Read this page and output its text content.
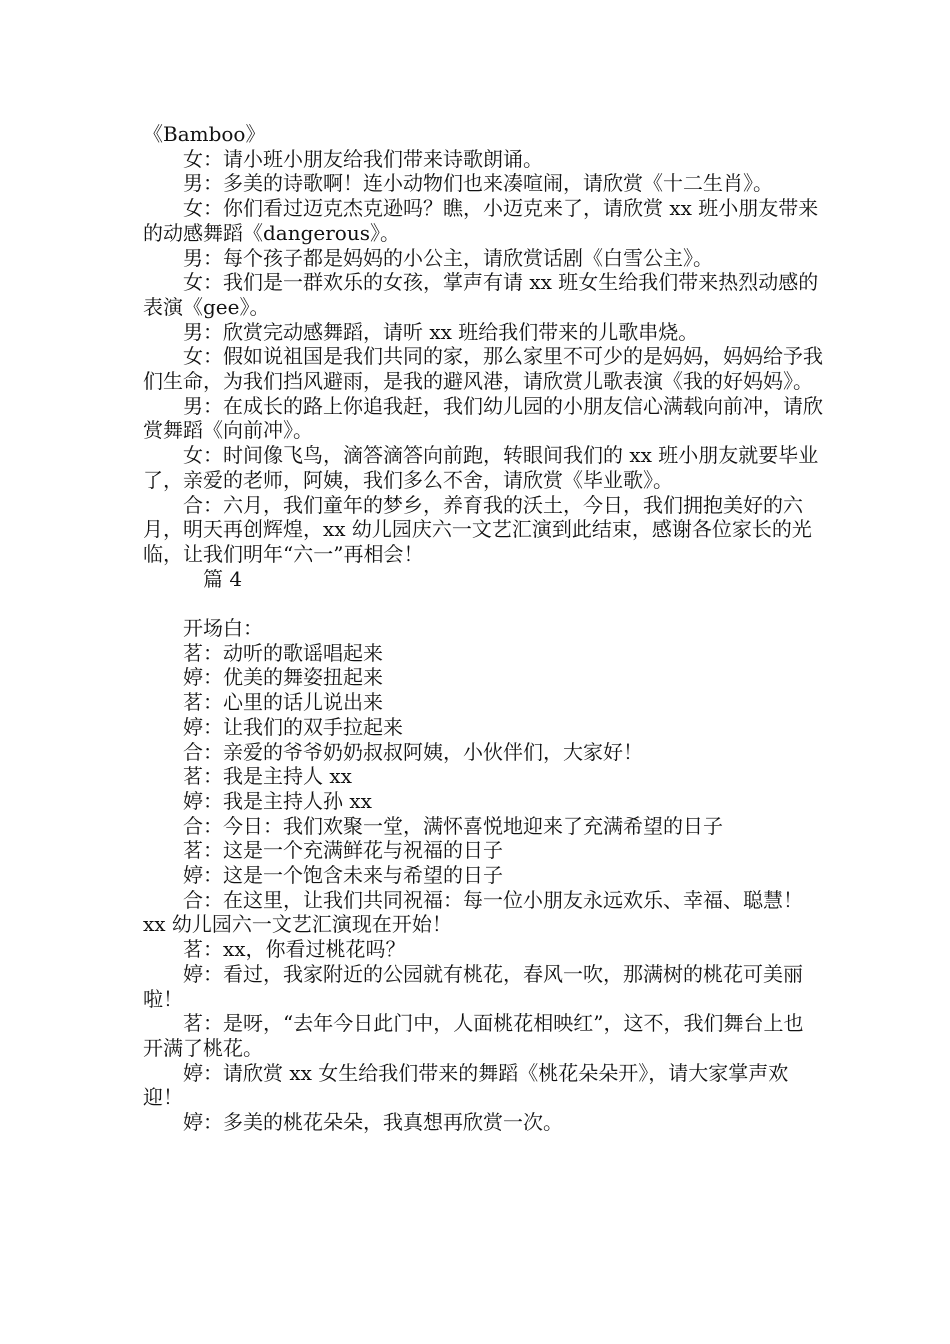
《Bamboo》

女：请小班小朋友给我们带来诗歌朗诵。

男：多美的诗歌啊！连小动物们也来凑喧闹，请欣赏《十二生肖》。

女：你们看过迈克杰克逊吗？瞧，小迈克来了，请欣赏 xx 班小朋友带来的动感舞蹈《dangerous》。

男：每个孩子都是妈妈的小公主，请欣赏话剧《白雪公主》。

女：我们是一群欢乐的女孩，掌声有请 xx 班女生给我们带来热烈动感的表演《gee》。

男：欣赏完动感舞蹈，请听 xx 班给我们带来的儿歌串烧。

女：假如说祖国是我们共同的家，那么家里不可少的是妈妈，妈妈给予我们生命，为我们挡风避雨，是我的避风港，请欣赏儿歌表演《我的好妈妈》。

男：在成长的路上你追我赶，我们幼儿园的小朋友信心满载向前冲，请欣赏舞蹈《向前冲》。

女：时间像飞鸟，滴答滴答向前跑，转眼间我们的 xx 班小朋友就要毕业了，亲爱的老师，阿姨，我们多么不舍，请欣赏《毕业歌》。

合：六月，我们童年的梦乡，养育我的沃土，今日，我们拥抱美好的六月，明天再创辉煌，xx 幼儿园庆六一文艺汇演到此结束，感谢各位家长的光临，让我们明年“六一”再相会！

篇 4

开场白：

茗：动听的歌谣唱起来

婷：优美的舞姿扭起来

茗：心里的话儿说出来

婷：让我们的双手拉起来

合：亲爱的爷爷奶奶叔叔阿姨，小伙伴们，大家好！

茗：我是主持人 xx

婷：我是主持人孙 xx

合：今日：我们欢聚一堂，满怀喜悦地迎来了充满希望的日子

茗：这是一个充满鲜花与祝福的日子

婷：这是一个饱含未来与希望的日子

合：在这里，让我们共同祝福：每一位小朋友永远欢乐、幸福、聪慧！xx 幼儿园六一文艺汇演现在开始！

茗：xx，你看过桃花吗？

婷：看过，我家附近的公园就有桃花，春风一吹，那满树的桃花可美丽啦！

茗：是呀，“去年今日此门中，人面桃花相映红”，这不，我们舞台上也开满了桃花。

婷：请欣赏 xx 女生给我们带来的舞蹈《桃花朵朵开》，请大家掌声欢迎！

婷：多美的桃花朵朵，我真想再欣赏一次。
